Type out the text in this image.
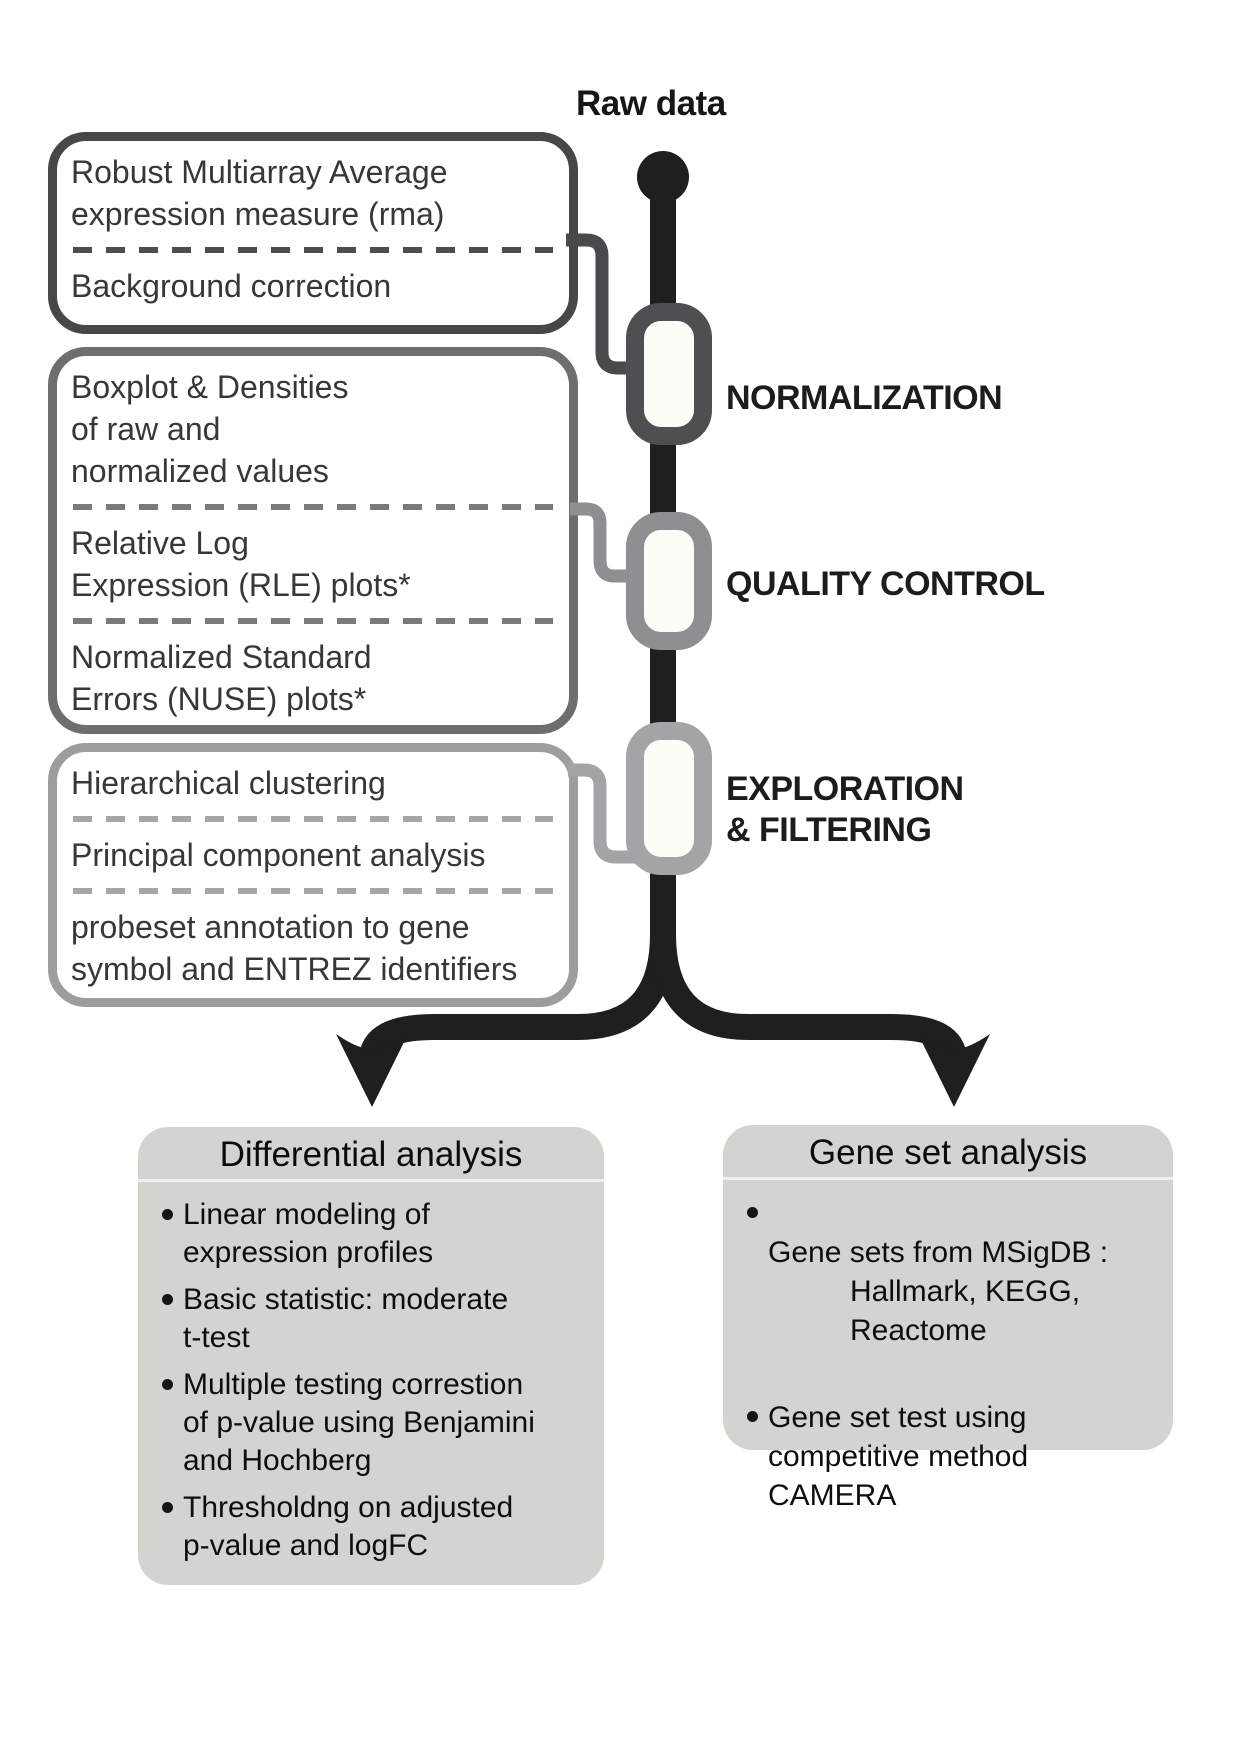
Robust Multiarray Average
expression measure (rma)
Background correction
Boxplot & Densities
of raw and
normalized values
Relative Log
Expression (RLE) plots*
Normalized Standard
Errors (NUSE) plots*
Hierarchical clustering
Principal component analysis
probeset annotation to gene
symbol and ENTREZ identifiers
Raw data
NORMALIZATION
QUALITY CONTROL
EXPLORATION
& FILTERING
Differential analysis
Linear modeling of
expression profiles
Basic statistic: moderate
t-test
Multiple testing correstion
of p-value using Benjamini
and Hochberg
Thresholdng on adjusted
p-value and logFC
Gene set analysis

Gene sets from MSigDB :

Hallmark, KEGG,
Reactome

Gene set test using
competitive method
CAMERA
